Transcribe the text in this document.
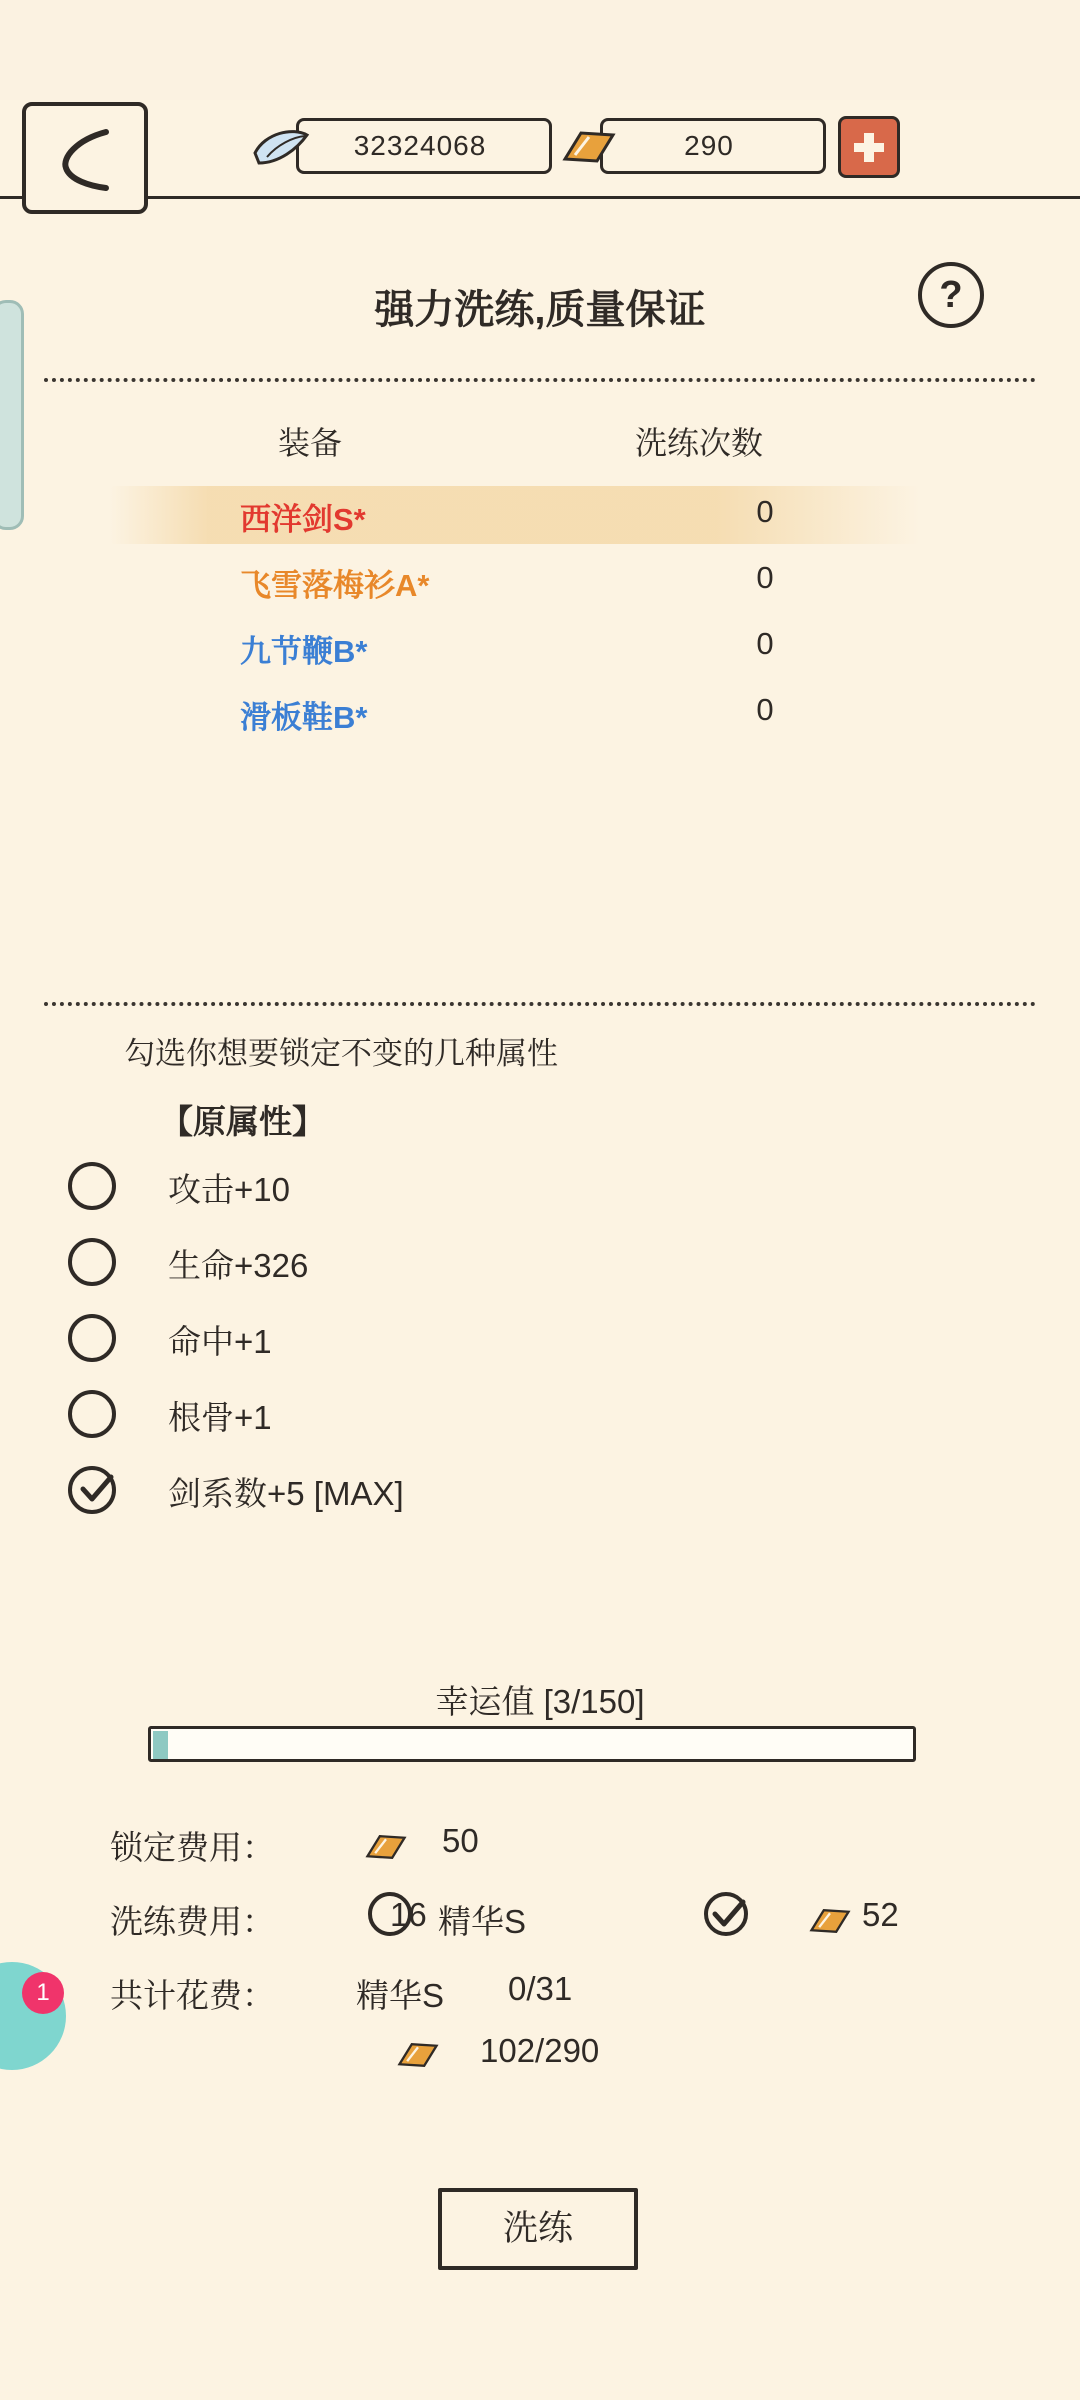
32324068	290
强力洗练,质量保证	?
装备	洗练次数
西洋剑S*	0
飞雪落梅衫A*	0
九节鞭B*	0
滑板鞋B*	0
勾选你想要锁定不变的几种属性
【原属性】
攻击+10
生命+326
命中+1
根骨+1
剑系数+5 [MAX]
幸运值 [3/150]
锁定费用：	50
洗练费用：	16 精华S	52
共计花费： 精华S 0/31
102/290
洗练
1
